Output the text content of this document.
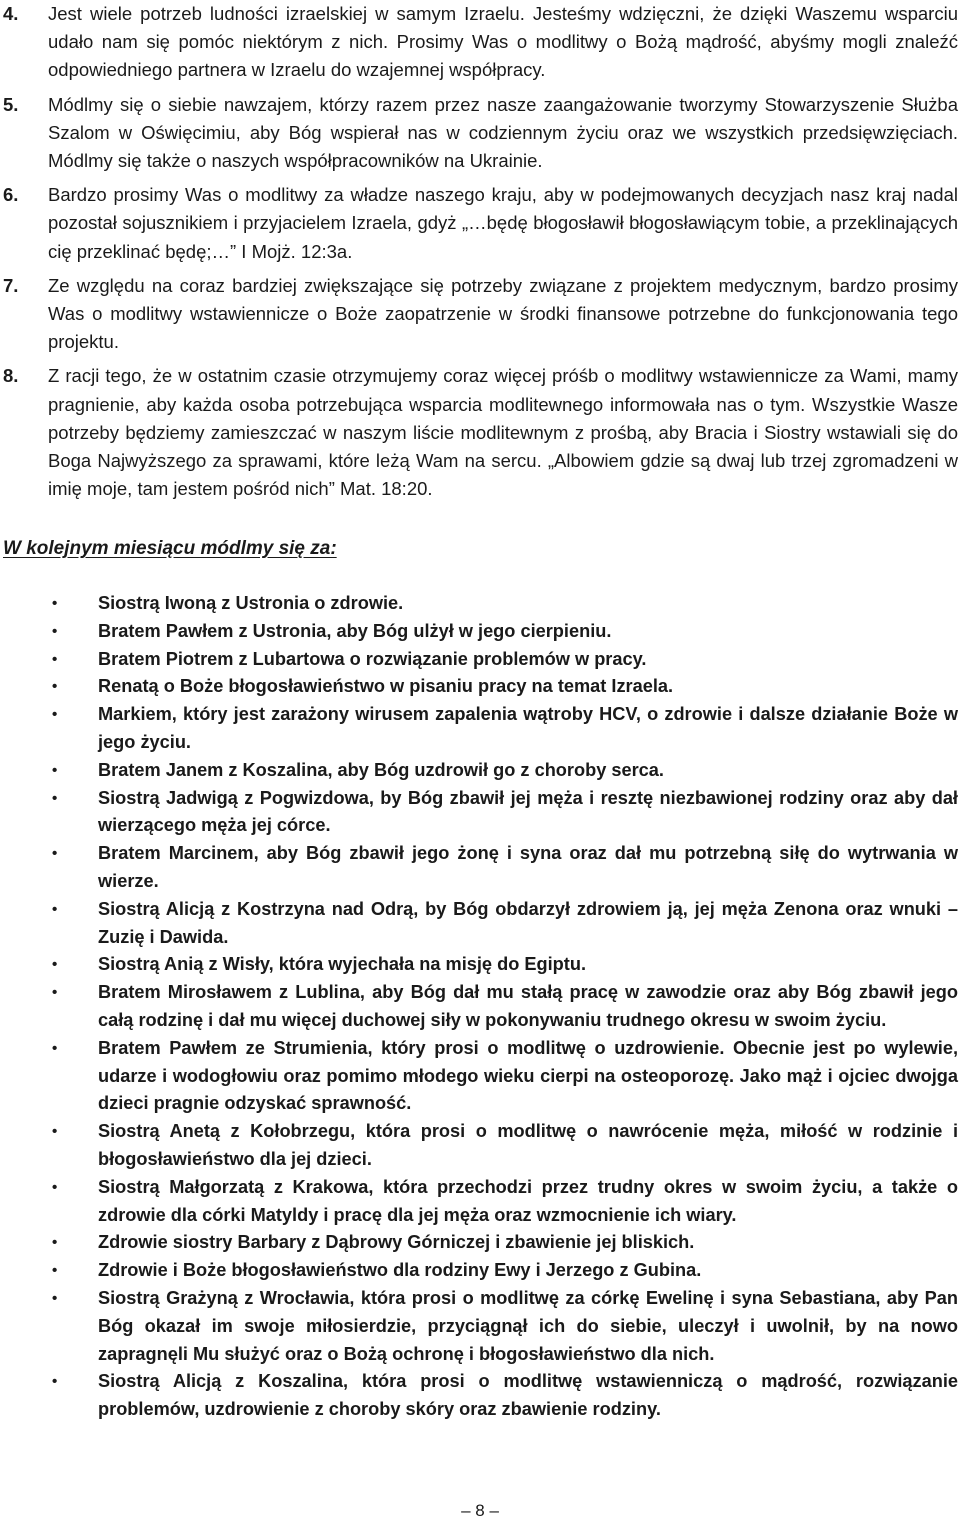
4.	Jest wiele potrzeb ludności izraelskiej w samym Izraelu. Jesteśmy wdzięczni, że dzięki Waszemu wsparciu udało nam się pomóc niektórym z nich. Prosimy Was o modlitwy o Bożą mądrość, abyśmy mogli znaleźć odpowiedniego partnera w Izraelu do wzajemnej współpracy.
5.	Módlmy się o siebie nawzajem, którzy razem przez nasze zaangażowanie tworzymy Stowarzyszenie Służba Szalom w Oświęcimiu, aby Bóg wspierał nas w codziennym życiu oraz we wszystkich przedsięwzięciach. Módlmy się także o naszych współpracowników na Ukrainie.
6.	Bardzo prosimy Was o modlitwy za władze naszego kraju, aby w podejmowanych decyzjach nasz kraj nadal pozostał sojusznikiem i przyjacielem Izraela, gdyż „…będę błogosławił błogosławiącym tobie, a przeklinających cię przeklinać będę;…” I Mojż. 12:3a.
7.	Ze względu na coraz bardziej zwiększające się potrzeby związane z projektem medycznym, bardzo prosimy Was o modlitwy wstawiennicze o Boże zaopatrzenie w środki finansowe potrzebne do funkcjonowania tego projektu.
8.	Z racji tego, że w ostatnim czasie otrzymujemy coraz więcej próśb o modlitwy wstawiennicze za Wami, mamy pragnienie, aby każda osoba potrzebująca wsparcia modlitewnego informowała nas o tym. Wszystkie Wasze potrzeby będziemy zamieszczać w naszym liście modlitewnym z prośbą, aby Bracia i Siostry wstawiali się do Boga Najwyższego za sprawami, które leżą Wam na sercu. „Albowiem gdzie są dwaj lub trzej zgromadzeni w imię moje, tam jestem pośród nich” Mat. 18:20.
W kolejnym miesiącu módlmy się za:
•	Siostrą Iwoną z Ustronia o zdrowie.
•	Bratem Pawłem z Ustronia, aby Bóg ulżył w jego cierpieniu.
•	Bratem Piotrem z Lubartowa o rozwiązanie problemów w pracy.
•	Renatą o Boże błogosławieństwo w pisaniu pracy na temat Izraela.
•	Markiem, który jest zarażony wirusem zapalenia wątroby HCV, o zdrowie i dalsze działanie Boże w jego życiu.
•	Bratem Janem z Koszalina, aby Bóg uzdrowił go z choroby serca.
•	Siostrą Jadwigą z Pogwizdowa, by Bóg zbawił jej męża i resztę niezbawionej rodziny oraz aby dał wierzącego męża jej córce.
•	Bratem Marcinem, aby Bóg zbawił jego żonę i syna oraz dał mu potrzebną siłę do wytrwania w wierze.
•	Siostrą Alicją z Kostrzyna nad Odrą, by Bóg obdarzył zdrowiem ją, jej męża Zenona oraz wnuki – Zuzię i Dawida.
•	Siostrą Anią z Wisły, która wyjechała na misję do Egiptu.
•	Bratem Mirosławem z Lublina, aby Bóg dał mu stałą pracę w zawodzie oraz aby Bóg zbawił jego całą rodzinę i dał mu więcej duchowej siły w pokonywaniu trudnego okresu w swoim życiu.
•	Bratem Pawłem ze Strumienia, który prosi o modlitwę o uzdrowienie. Obecnie jest po wylewie, udarze i wodogłowiu oraz pomimo młodego wieku cierpi na osteoporozę. Jako mąż i ojciec dwojga dzieci pragnie odzyskać sprawność.
•	Siostrą Anetą z Kołobrzegu, która prosi o modlitwę o nawrócenie męża, miłość w rodzinie i błogosławieństwo dla jej dzieci.
•	Siostrą Małgorzatą z Krakowa, która przechodzi przez trudny okres w swoim życiu, a także o zdrowie dla córki Matyldy i pracę dla jej męża oraz wzmocnienie ich wiary.
•	Zdrowie siostry Barbary z Dąbrowy Górniczej i zbawienie jej bliskich.
•	Zdrowie i Boże błogosławieństwo dla rodziny Ewy i Jerzego z Gubina.
•	Siostrą Grażyną z Wrocławia, która prosi o modlitwę za córkę Ewelinę i syna Sebastiana, aby Pan Bóg okazał im swoje miłosierdzie, przyciągnął ich do siebie, uleczył i uwolnił, by na nowo zapragnęli Mu służyć oraz o Bożą ochronę i błogosławieństwo dla nich.
•	Siostrą Alicją z Koszalina, która prosi o modlitwę wstawienniczą o mądrość, rozwiązanie problemów, uzdrowienie z choroby skóry oraz zbawienie rodziny.
– 8 –
